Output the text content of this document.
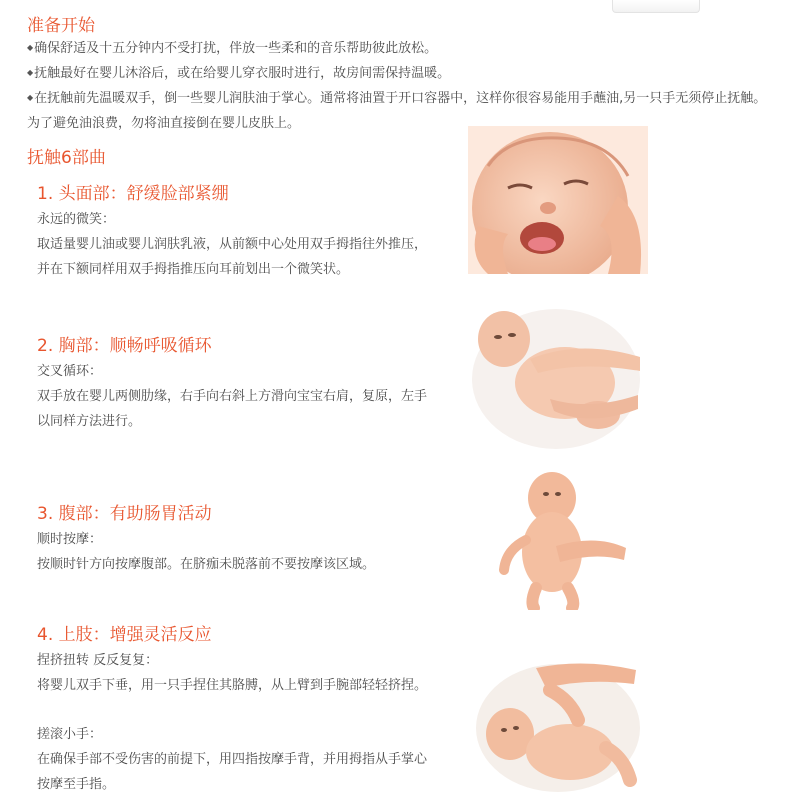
准备开始
◆ 确保舒适及十五分钟内不受打扰，伴放一些柔和的音乐帮助彼此放松。
◆ 抚触最好在婴儿沐浴后，或在给婴儿穿衣服时进行，故房间需保持温暖。
◆ 在抚触前先温暖双手，倒一些婴儿润肤油于掌心。通常将油置于开口容器中，这样你很容易能用手蘸油,另一只手无须停止抚触。为了避免油浪费，勿将油直接倒在婴儿皮肤上。
抚触6部曲
1. 头面部：舒缓脸部紧绷
永远的微笑：
取适量婴儿油或婴儿润肤乳液，从前额中心处用双手拇指往外推压，并在下额同样用双手拇指推压向耳前划出一个微笑状。
2. 胸部：顺畅呼吸循环
交叉循环：
双手放在婴儿两侧肋缘，右手向右斜上方滑向宝宝右肩，复原，左手以同样方法进行。
3. 腹部：有助肠胃活动
顺时按摩：
按顺时针方向按摩腹部。在脐痂未脱落前不要按摩该区域。
4. 上肢：增强灵活反应
捏挤扭转 反反复复：
将婴儿双手下垂，用一只手捏住其胳膊，从上臂到手腕部轻轻挤捏。
搓滚小手：
在确保手部不受伤害的前提下，用四指按摩手背，并用拇指从手掌心按摩至手指。
